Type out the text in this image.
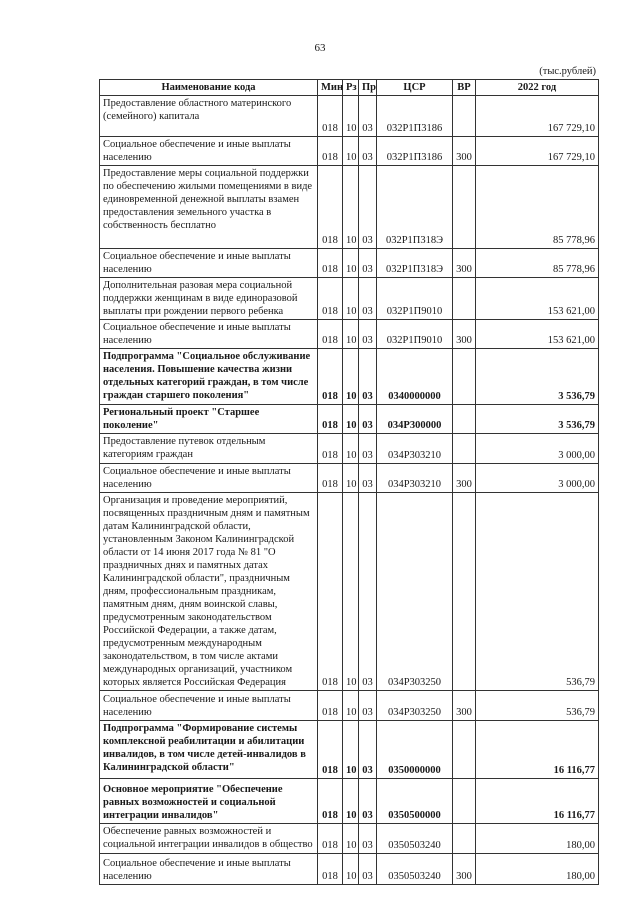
63
(тыс.рублей)
Наименование кода	Мин	Рз	Пр	ЦСР	ВР	2022 год
Предоставление областного материнского (семейного) капитала	018	10	03	032Р1П3186		167 729,10
Социальное обеспечение и иные выплаты населению	018	10	03	032Р1П3186	300	167 729,10
Предоставление меры социальной поддержки по обеспечению жилыми помещениями в виде единовременной денежной выплаты взамен предоставления земельного участка в собственность бесплатно	018	10	03	032Р1П318Э		85 778,96
Социальное обеспечение и иные выплаты населению	018	10	03	032Р1П318Э	300	85 778,96
Дополнительная разовая мера социальной поддержки женщинам в виде единоразовой выплаты при рождении первого ребенка	018	10	03	032Р1П9010		153 621,00
Социальное обеспечение и иные выплаты населению	018	10	03	032Р1П9010	300	153 621,00
Подпрограмма "Социальное обслуживание населения. Повышение качества жизни отдельных категорий граждан, в том числе граждан старшего поколения"	018	10	03	0340000000		3 536,79
Региональный проект "Старшее поколение"	018	10	03	034Р300000		3 536,79
Предоставление путевок отдельным категориям граждан	018	10	03	034Р303210		3 000,00
Социальное обеспечение и иные выплаты населению	018	10	03	034Р303210	300	3 000,00
Организация и проведение мероприятий, посвященных праздничным дням и памятным датам Калининградской области, установленным Законом Калининградской области от 14 июня 2017 года № 81 "О праздничных днях и памятных датах Калининградской области", праздничным дням, профессиональным праздникам, памятным дням, дням воинской славы, предусмотренным законодательством Российской Федерации, а также датам, предусмотренным международным законодательством, в том числе актами международных организаций, участником которых является Российская Федерация	018	10	03	034Р303250		536,79
Социальное обеспечение и иные выплаты населению	018	10	03	034Р303250	300	536,79
Подпрограмма "Формирование системы комплексной реабилитации и абилитации инвалидов, в том числе детей-инвалидов в Калининградской области"	018	10	03	0350000000		16 116,77
Основное мероприятие "Обеспечение равных возможностей и социальной интеграции инвалидов"	018	10	03	0350500000		16 116,77
Обеспечение равных возможностей и социальной интеграции инвалидов в общество	018	10	03	0350503240		180,00
Социальное обеспечение и иные выплаты населению	018	10	03	0350503240	300	180,00
